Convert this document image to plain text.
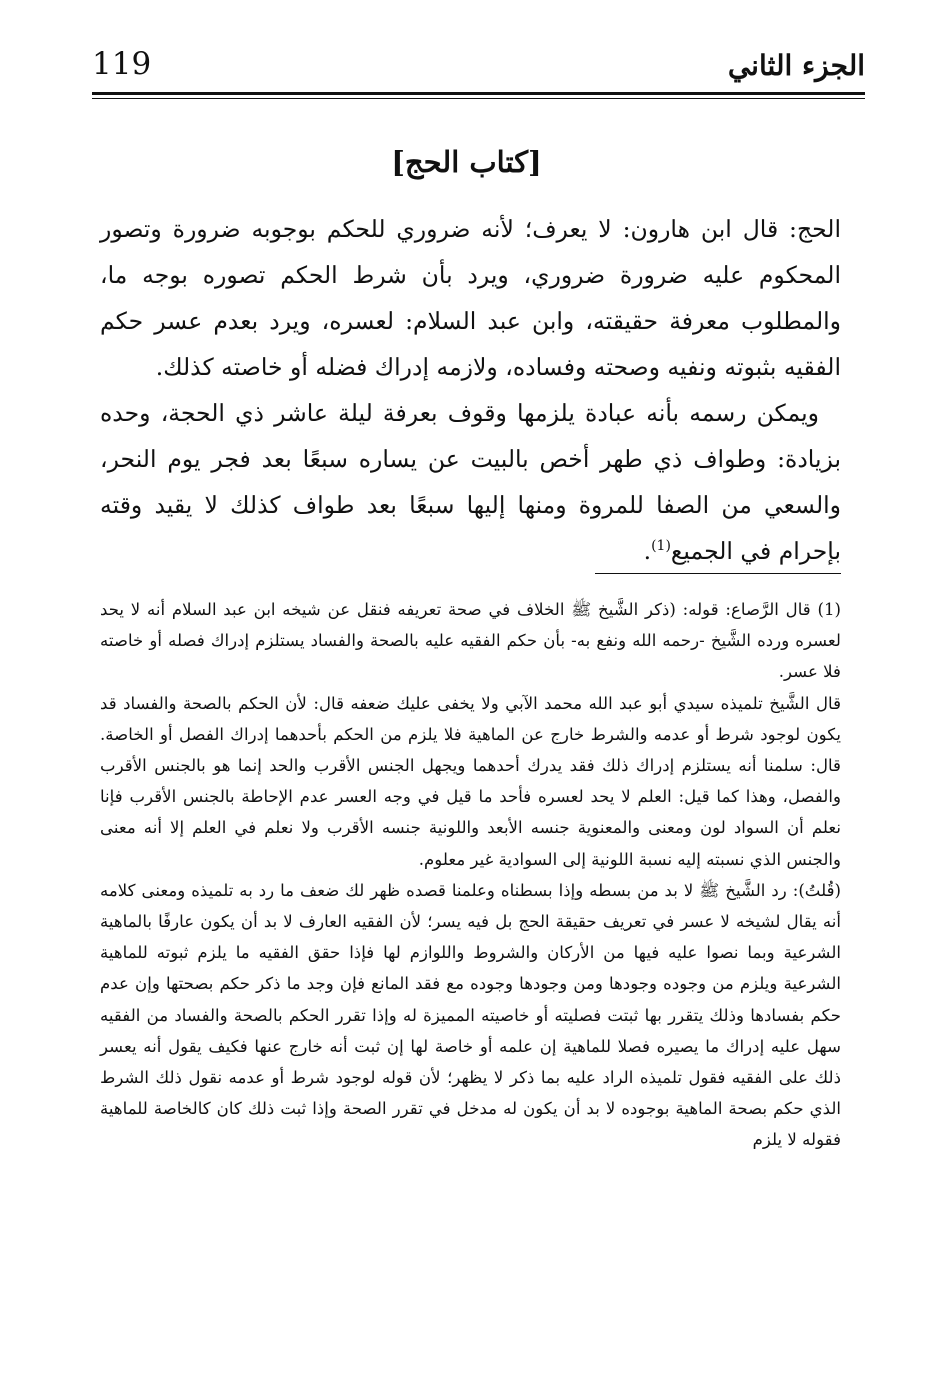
الجزء الثاني
119
[كتاب الحج]

الحج: قال ابن هارون: لا يعرف؛ لأنه ضروري للحكم بوجوبه ضرورة وتصور المحكوم عليه ضرورة ضروري، ويرد بأن شرط الحكم تصوره بوجه ما، والمطلوب معرفة حقيقته، وابن عبد السلام: لعسره، ويرد بعدم عسر حكم الفقيه بثبوته ونفيه وصحته وفساده، ولازمه إدراك فضله أو خاصته كذلك.

ويمكن رسمه بأنه عبادة يلزمها وقوف بعرفة ليلة عاشر ذي الحجة، وحده بزيادة: وطواف ذي طهر أخص بالبيت عن يساره سبعًا بعد فجر يوم النحر، والسعي من الصفا للمروة ومنها إليها سبعًا بعد طواف كذلك لا يقيد وقته بإحرام في الجميع$^{(1)}$.

(1) قال الرَّصاع: قوله: (ذكر الشَّيخ ﷺ الخلاف في صحة تعريفه فنقل عن شيخه ابن عبد السلام أنه لا يحد لعسره ورده الشَّيخ -رحمه الله ونفع به- بأن حكم الفقيه عليه بالصحة والفساد يستلزم إدراك فصله أو خاصته فلا عسر.

قال الشَّيخ تلميذه سيدي أبو عبد الله محمد الآبي ولا يخفى عليك ضعفه قال: لأن الحكم بالصحة والفساد قد يكون لوجود شرط أو عدمه والشرط خارج عن الماهية فلا يلزم من الحكم بأحدهما إدراك الفصل أو الخاصة. قال: سلمنا أنه يستلزم إدراك ذلك فقد يدرك أحدهما ويجهل الجنس الأقرب والحد إنما هو بالجنس الأقرب والفصل، وهذا كما قيل: العلم لا يحد لعسره فأحد ما قيل في وجه العسر عدم الإحاطة بالجنس الأقرب فإنا نعلم أن السواد لون ومعنى والمعنوية جنسه الأبعد واللونية جنسه الأقرب ولا نعلم في العلم إلا أنه معنى والجنس الذي نسبته إليه نسبة اللونية إلى السوادية غير معلوم.

(قُلتُ): رد الشَّيخ ﷺ لا بد من بسطه وإذا بسطناه وعلمنا قصده ظهر لك ضعف ما رد به تلميذه ومعنى كلامه أنه يقال لشيخه لا عسر في تعريف حقيقة الحج بل فيه يسر؛ لأن الفقيه العارف لا بد أن يكون عارفًا بالماهية الشرعية وبما نصوا عليه فيها من الأركان والشروط واللوازم لها فإذا حقق الفقيه ما يلزم ثبوته للماهية الشرعية ويلزم من وجوده وجودها ومن وجودها وجوده مع فقد المانع فإن وجد ما ذكر حكم بصحتها وإن عدم حكم بفسادها وذلك يتقرر بها ثبتت فصليته أو خاصيته المميزة له وإذا تقرر الحكم بالصحة والفساد من الفقيه سهل عليه إدراك ما يصيره فصلا للماهية إن علمه أو خاصة لها إن ثبت أنه خارج عنها فكيف يقول أنه يعسر ذلك على الفقيه فقول تلميذه الراد عليه بما ذكر لا يظهر؛ لأن قوله لوجود شرط أو عدمه نقول ذلك الشرط الذي حكم بصحة الماهية بوجوده لا بد أن يكون له مدخل في تقرر الصحة وإذا ثبت ذلك كان كالخاصة للماهية فقوله لا يلزم
